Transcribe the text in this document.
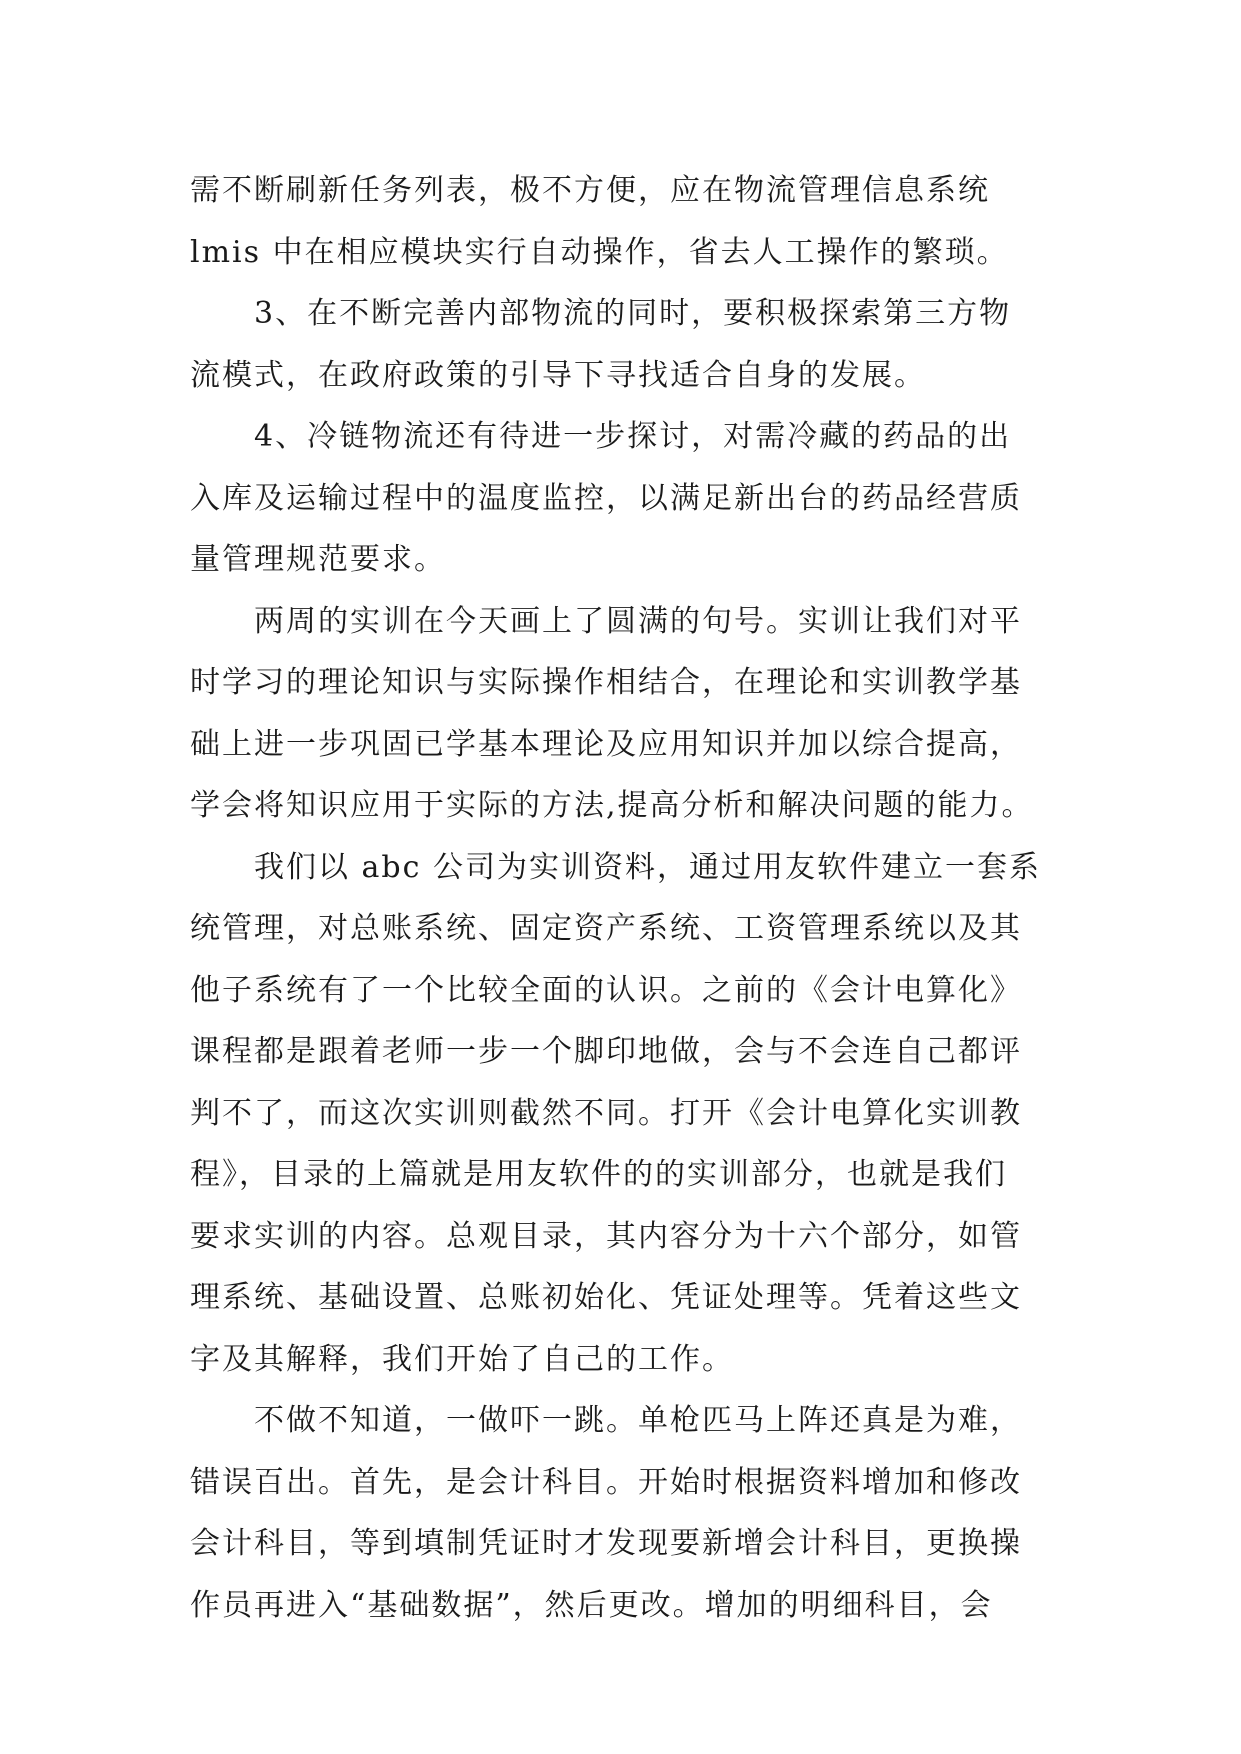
需不断刷新任务列表，极不方便，应在物流管理信息系统
lmis 中在相应模块实行自动操作，省去人工操作的繁琐。
3、在不断完善内部物流的同时，要积极探索第三方物
流模式，在政府政策的引导下寻找适合自身的发展。
4、冷链物流还有待进一步探讨，对需冷藏的药品的出
入库及运输过程中的温度监控，以满足新出台的药品经营质
量管理规范要求。
两周的实训在今天画上了圆满的句号。实训让我们对平
时学习的理论知识与实际操作相结合，在理论和实训教学基
础上进一步巩固已学基本理论及应用知识并加以综合提高，
学会将知识应用于实际的方法,提高分析和解决问题的能力。
我们以 abc 公司为实训资料，通过用友软件建立一套系
统管理，对总账系统、固定资产系统、工资管理系统以及其
他子系统有了一个比较全面的认识。之前的《会计电算化》
课程都是跟着老师一步一个脚印地做，会与不会连自己都评
判不了，而这次实训则截然不同。打开《会计电算化实训教
程》，目录的上篇就是用友软件的的实训部分，也就是我们
要求实训的内容。总观目录，其内容分为十六个部分，如管
理系统、基础设置、总账初始化、凭证处理等。凭着这些文
字及其解释，我们开始了自己的工作。
不做不知道，一做吓一跳。单枪匹马上阵还真是为难，
错误百出。首先，是会计科目。开始时根据资料增加和修改
会计科目，等到填制凭证时才发现要新增会计科目，更换操
作员再进入“基础数据”，然后更改。增加的明细科目，会
